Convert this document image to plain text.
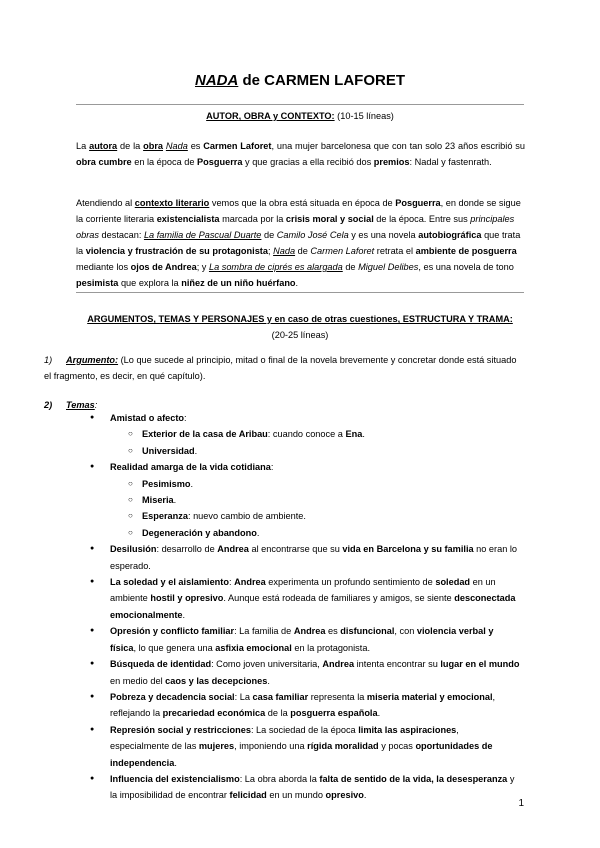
NADA de CARMEN LAFORET
AUTOR, OBRA y CONTEXTO: (10-15 líneas)
La autora de la obra Nada es Carmen Laforet, una mujer barcelonesa que con tan solo 23 años escribió su obra cumbre en la época de Posguerra y que gracias a ella recibió dos premios: Nadal y fastenrath.
Atendiendo al contexto literario vemos que la obra está situada en época de Posguerra, en donde se sigue la corriente literaria existencialista marcada por la crisis moral y social de la época. Entre sus principales obras destacan: La familia de Pascual Duarte de Camilo José Cela y es una novela autobiográfica que trata la violencia y frustración de su protagonista; Nada de Carmen Laforet retrata el ambiente de posguerra mediante los ojos de Andrea; y La sombra de ciprés es alargada de Miguel Delibes, es una novela de tono pesimista que explora la niñez de un niño huérfano.
ARGUMENTOS, TEMAS Y PERSONAJES y en caso de otras cuestiones, ESTRUCTURA Y TRAMA:
(20-25 líneas)
1) Argumento: (Lo que sucede al principio, mitad o final de la novela brevemente y concretar donde está situado el fragmento, es decir, en qué capítulo).
2) Temas:
● Amistad o afecto:
○ Exterior de la casa de Aribau: cuando conoce a Ena.
○ Universidad.
● Realidad amarga de la vida cotidiana:
○ Pesimismo.
○ Miseria.
○ Esperanza: nuevo cambio de ambiente.
○ Degeneración y abandono.
● Desilusión: desarrollo de Andrea al encontrarse que su vida en Barcelona y su familia no eran lo esperado.
● La soledad y el aislamiento: Andrea experimenta un profundo sentimiento de soledad en un ambiente hostil y opresivo. Aunque está rodeada de familiares y amigos, se siente desconectada emocionalmente.
● Opresión y conflicto familiar: La familia de Andrea es disfuncional, con violencia verbal y física, lo que genera una asfixia emocional en la protagonista.
● Búsqueda de identidad: Como joven universitaria, Andrea intenta encontrar su lugar en el mundo en medio del caos y las decepciones.
● Pobreza y decadencia social: La casa familiar representa la miseria material y emocional, reflejando la precariedad económica de la posguerra española.
● Represión social y restricciones: La sociedad de la época limita las aspiraciones, especialmente de las mujeres, imponiendo una rígida moralidad y pocas oportunidades de independencia.
● Influencia del existencialismo: La obra aborda la falta de sentido de la vida, la desesperanza y la imposibilidad de encontrar felicidad en un mundo opresivo.
1
